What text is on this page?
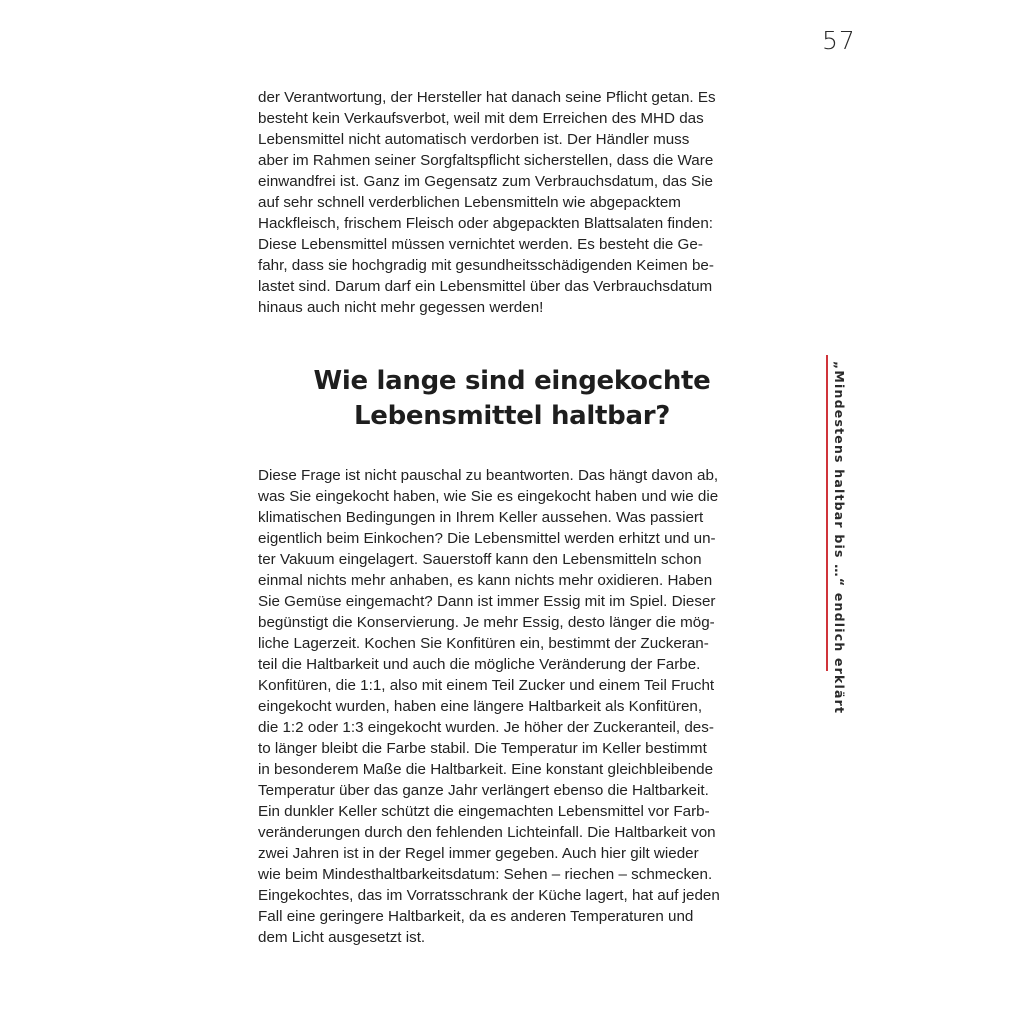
57
der Verantwortung, der Hersteller hat danach seine Pflicht getan. Es
besteht kein Verkaufsverbot, weil mit dem Erreichen des MHD das
Lebensmittel nicht automatisch verdorben ist. Der Händler muss
aber im Rahmen seiner Sorgfaltspflicht sicherstellen, dass die Ware
einwandfrei ist. Ganz im Gegensatz zum Verbrauchsdatum, das Sie
auf sehr schnell verderblichen Lebensmitteln wie abgepacktem
Hackfleisch, frischem Fleisch oder abgepackten Blattsalaten finden:
Diese Lebensmittel müssen vernichtet werden. Es besteht die Ge-
fahr, dass sie hochgradig mit gesundheitsschädigenden Keimen be-
lastet sind. Darum darf ein Lebensmittel über das Verbrauchsdatum
hinaus auch nicht mehr gegessen werden!
Wie lange sind eingekochte
Lebensmittel haltbar?
Diese Frage ist nicht pauschal zu beantworten. Das hängt davon ab,
was Sie eingekocht haben, wie Sie es eingekocht haben und wie die
klimatischen Bedingungen in Ihrem Keller aussehen. Was passiert
eigentlich beim Einkochen? Die Lebensmittel werden erhitzt und un-
ter Vakuum eingelagert. Sauerstoff kann den Lebensmitteln schon
einmal nichts mehr anhaben, es kann nichts mehr oxidieren. Haben
Sie Gemüse eingemacht? Dann ist immer Essig mit im Spiel. Dieser
begünstigt die Konservierung. Je mehr Essig, desto länger die mög-
liche Lagerzeit. Kochen Sie Konfitüren ein, bestimmt der Zuckeran-
teil die Haltbarkeit und auch die mögliche Veränderung der Farbe.
Konfitüren, die 1:1, also mit einem Teil Zucker und einem Teil Frucht
eingekocht wurden, haben eine längere Haltbarkeit als Konfitüren,
die 1:2 oder 1:3 eingekocht wurden. Je höher der Zuckeranteil, des-
to länger bleibt die Farbe stabil. Die Temperatur im Keller bestimmt
in besonderem Maße die Haltbarkeit. Eine konstant gleichbleibende
Temperatur über das ganze Jahr verlängert ebenso die Haltbarkeit.
Ein dunkler Keller schützt die eingemachten Lebensmittel vor Farb-
veränderungen durch den fehlenden Lichteinfall. Die Haltbarkeit von
zwei Jahren ist in der Regel immer gegeben. Auch hier gilt wieder
wie beim Mindesthaltbarkeitsdatum: Sehen – riechen – schmecken.
Eingekochtes, das im Vorratsschrank der Küche lagert, hat auf jeden
Fall eine geringere Haltbarkeit, da es anderen Temperaturen und
dem Licht ausgesetzt ist.
„Mindestens haltbar bis …“ endlich erklärt
